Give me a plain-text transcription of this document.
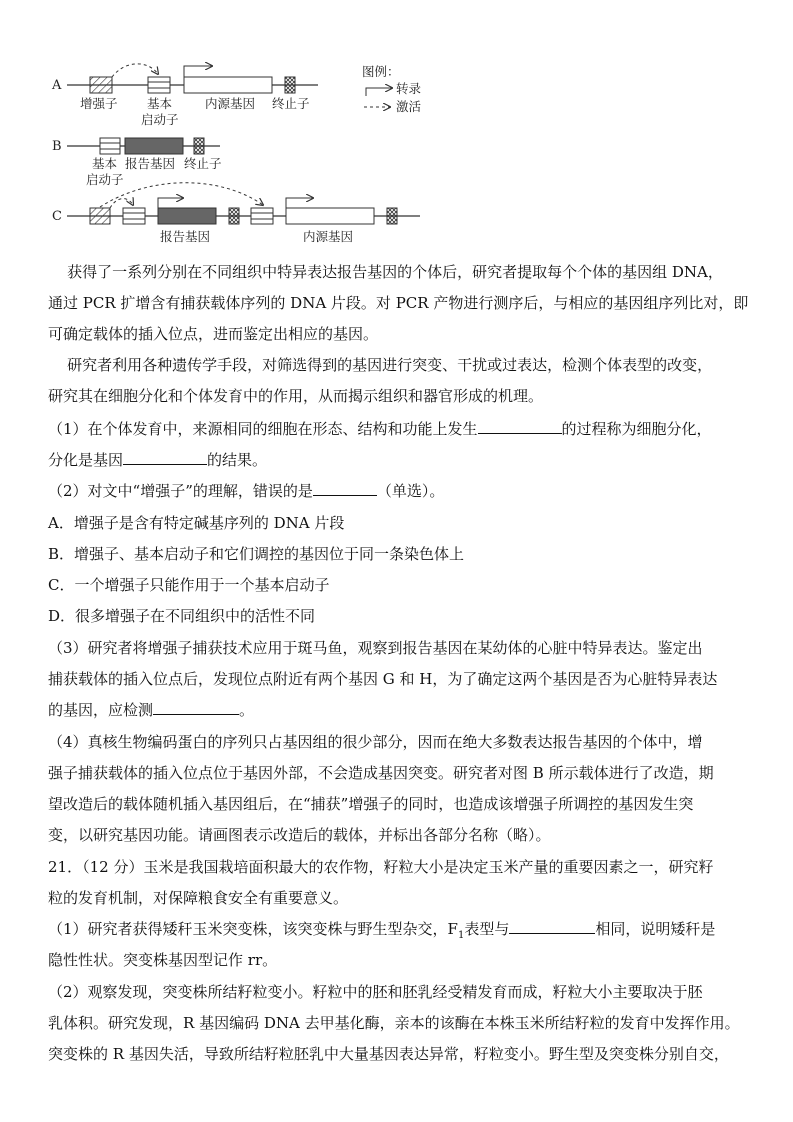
A
增强子 基本
启动子
内源基因 终止子
图例：
转录
激活
B
基本
启动子
报告基因 终止子
C
报告基因	内源基因
获得了一系列分别在不同组织中特异表达报告基因的个体后，研究者提取每个个体的基因组 DNA，
通过 PCR 扩增含有捕获载体序列的 DNA 片段。对 PCR 产物进行测序后，与相应的基因组序列比对，即
可确定载体的插入位点，进而鉴定出相应的基因。
研究者利用各种遗传学手段，对筛选得到的基因进行突变、干扰或过表达，检测个体表型的改变，
研究其在细胞分化和个体发育中的作用，从而揭示组织和器官形成的机理。
（1）在个体发育中，来源相同的细胞在形态、结构和功能上发生	的过程称为细胞分化，
分化是基因	的结果。
（2）对文中“增强子”的理解，错误的是	（单选）。
A．增强子是含有特定碱基序列的 DNA 片段
B．增强子、基本启动子和它们调控的基因位于同一条染色体上
C．一个增强子只能作用于一个基本启动子
D．很多增强子在不同组织中的活性不同
（3）研究者将增强子捕获技术应用于斑马鱼，观察到报告基因在某幼体的心脏中特异表达。鉴定出
捕获载体的插入位点后，发现位点附近有两个基因 G 和 H，为了确定这两个基因是否为心脏特异表达
的基因，应检测	。
（4）真核生物编码蛋白的序列只占基因组的很少部分，因而在绝大多数表达报告基因的个体中，增
强子捕获载体的插入位点位于基因外部，不会造成基因突变。研究者对图 B 所示载体进行了改造，期
望改造后的载体随机插入基因组后，在“捕获”增强子的同时，也造成该增强子所调控的基因发生突
变，以研究基因功能。请画图表示改造后的载体，并标出各部分名称（略）。
21．（12 分）玉米是我国栽培面积最大的农作物，籽粒大小是决定玉米产量的重要因素之一，研究籽
粒的发育机制，对保障粮食安全有重要意义。
（1）研究者获得矮秆玉米突变株，该突变株与野生型杂交，$F_1$表型与	相同，说明矮秆是
隐性性状。突变株基因型记作 rr。
（2）观察发现，突变株所结籽粒变小。籽粒中的胚和胚乳经受精发育而成，籽粒大小主要取决于胚
乳体积。研究发现，R 基因编码 DNA 去甲基化酶，亲本的该酶在本株玉米所结籽粒的发育中发挥作用。
突变株的 R 基因失活，导致所结籽粒胚乳中大量基因表达异常，籽粒变小。野生型及突变株分别自交，
